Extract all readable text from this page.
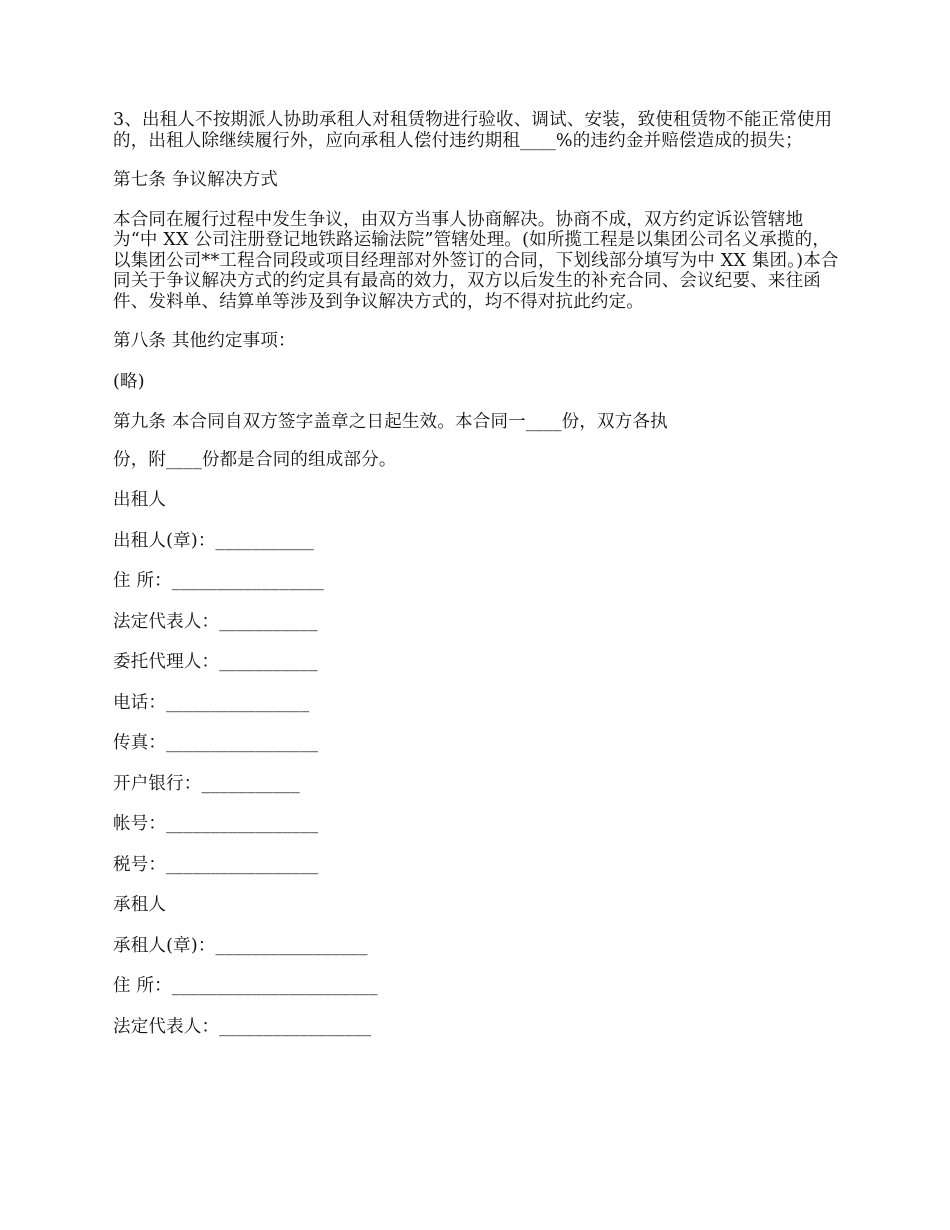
3、出租人不按期派人协助承租人对租赁物进行验收、调试、安装，致使租赁物不能正常使用的，出租人除继续履行外，应向承租人偿付违约期租____%的违约金并赔偿造成的损失；

第七条 争议解决方式

本合同在履行过程中发生争议，由双方当事人协商解决。协商不成，双方约定诉讼管辖地为“中 XX 公司注册登记地铁路运输法院”管辖处理。(如所揽工程是以集团公司名义承揽的，以集团公司**工程合同段或项目经理部对外签订的合同，下划线部分填写为中 XX 集团。)本合同关于争议解决方式的约定具有最高的效力，双方以后发生的补充合同、会议纪要、来往函件、发料单、结算单等涉及到争议解决方式的，均不得对抗此约定。

第八条 其他约定事项：

(略)

第九条 本合同自双方签字盖章之日起生效。本合同一____份，双方各执

份，附____份都是合同的组成部分。

出租人

出租人(章)：___________

住 所：_________________

法定代表人：___________

委托代理人：___________

电话：________________

传真：_________________

开户银行：___________

帐号：_________________

税号：_________________

承租人

承租人(章)：_________________

住 所：_______________________

法定代表人：_________________
